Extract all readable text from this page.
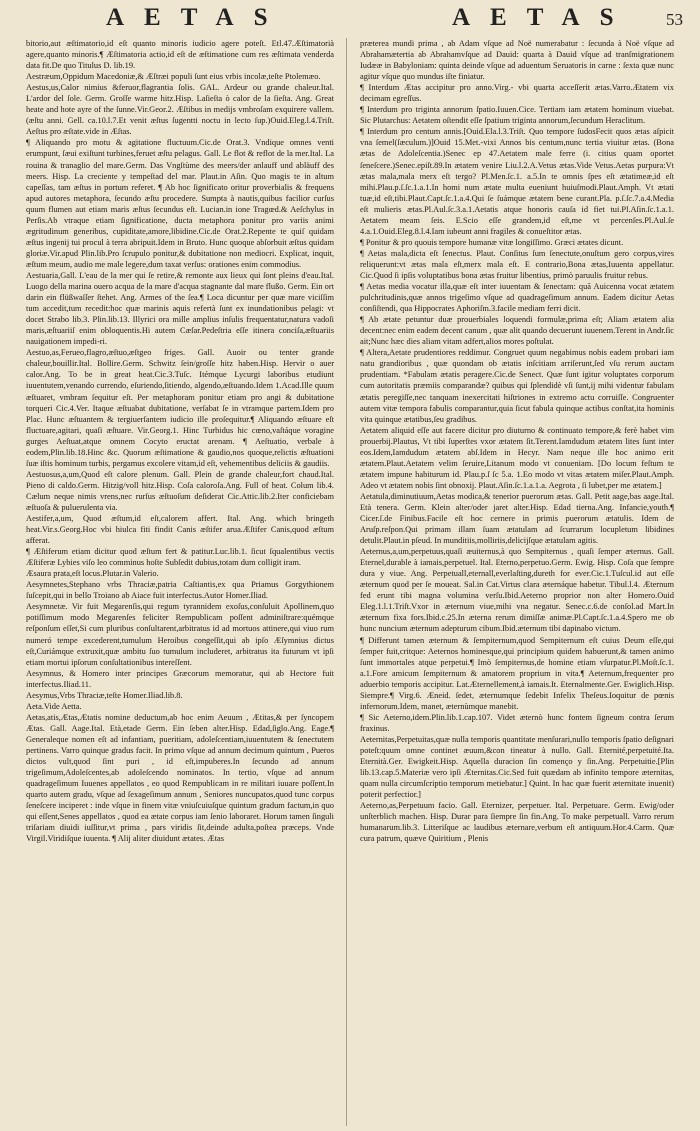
AETAS	AETAS 53

bitorio,aut æſtimatorio,id eſt quanto minoris iudicio agere poteſt. Etl.47.Æſtimatorià agere,quanto minoris.¶ Æſtimatoria actio,id eſt de æſtimatione cum res æſtimata venderda data fit.De quo Titulus D. lib.19.

Aestræum,Oppidum Macedoniæ,& Æſtræi populi ſunt eius vrbis incolæ,teſte Ptolemæo.

Aestus,us,Calor nimius &feruor,flagrantia ſolis. GAL. Ardeur ou grande chaleur.Ital. L'ardor del ſole. Germ. Groſſe warme hitz.Hisp. Laſieſta ò calor de la ſieſta. Ang. Great heate and hote ayre of the ſunne.Vir.Geor.2. Æſtibus in medijs vmbroſam exquirere vallem.(æſtu anni. Gell. ca.10.l.7.Et venit æſtus ſugentti noctu in lecto ſup.)Ouid.Eleg.l.4.Triſt. Aeſtus pro æſtate.vide in Æſtas.

¶ Aliquando pro motu & agitatione fluctuum.Cic.de Orat.3. Vndique omnes venti erumpunt, ſæui exiſtunt turbines,feruet æſtu pelagus. Gall. Le flot & reflot de la mer.Ital. La rouina & tranaglio del mare.Germ. Das Vngſtùme des meers/der anlauff und abläuff des meers. Hisp. La creciente y tempeſtad del mar. Plaut.in Aſin. Quo magis te in altum capeſſas, tam æſtus in portum referet. ¶ Ab hoc ſignificato oritur proverbialis & frequens apud autores metaphora, ſecundo æſtu procedere. Sumpta à nautis,quibus facilior curſus quum flumen aut etiam maris æſtus ſecundus eſt. Lucian.in ione Tragœd.& Aeſchylus in Perſis.Ab vtraque etiam ſignificatione, ducta metaphora ponitur pro variis animi ægritudinum generibus, cupiditate,amore,libidine.Cic.de Orat.2.Repente te quiſ quidam æſtus ingenij tui procul à terra abripuit.Idem in Bruto. Hunc quoque abſorbuit æſtus quidam gloriæ.Vir.apud Plin.lib.Pro ſcrupulo ponitur,& dubitatione non mediocri. Explicat, inquit, æſtum meum, audio me male legere,dum taxat verſus: orationes enim commodius.

Aestuaria,Gall. L'eau de la mer qui ſe retire,& remonte aux lieux qui ſont pleins d'eau.Ital. Luogo della marina ouero acqua de la mare d'acqua stagnante dal mare flußo. Germ. Ein ort darin ein flüßwaſſer ſtehet. Ang. Armes of the ſea.¶ Loca dicuntur per quæ mare viciſſim tum accedit,tum recedit:hoc quæ marinis aquis refertà ſunt ex inundationibus pelagi: vt docet Strabo lib.3. Plin.lib.13. Illyrici ora mille amplius inſulis frequentatur,natura vadoſi maris,æſtuariiſ enim obloquentis.Hi autem Cæſar.Pedeſtria eſſe itinera conciſa,æſtuariis nauigationem impedi-ri.

Aestuo,as,Ferueo,flagro,æſtuo,æſtgeo friges. Gall. Auoir ou tenter grande chaleur,bouillir.Ital. Bollire.Germ. Schwitz ſein/groſſe hitz haben.Hisp. Hervir o auer calor.Ang. To be in great heat.Cic.3.Tuſc. Itémque Lycurgi laboribus etudiunt iuuentutem,venando currendo, eſuriendo,ſitiendo, algendo,æſtuando.Idem 1.Acad.Ille quum æſtuaret, vmbram ſequitur eſt. Per metaphoram ponitur etiam pro angi & dubitatione torqueri Cic.4.Ver. Itaque æſtuabat dubitatione, verſabat ſe in vtramque partem.Idem pro Plac. Hunc æſtuantem & tergiuerſantem iudicio ille proſequitur.¶ Aliquando æſtuare eſt fluctuare,agitari, quaſi æſtuare. Vir.Georg.1. Hinc Turbidus hic cœno,vaſtáque voragine gurges Aeſtuat,atque omnem Cocyto eructat arenam. ¶ Aeſtuatio, verbale à eodem,Plin.lib.18.Hinc &c. Quorum æſtimatione & gaudio,nos quoque,relictis æſtuationi ſuæ iſtis hominum turbis, pergamus excolere vitam,id eſt, vehementibus deliciis & gaudiis.

Aestuosus,a,um,Quod eſt calore plenum. Gall. Plein de grande chaleur,fort chaud.Ital. Pieno di caldo.Germ. Hitzig/voll hitz.Hisp. Coſa caloroſa.Ang. Full of heat. Colum lib.4. Cælum neque nimis vrens,nec rurſus æſtuoſum deſiderat Cic.Attic.lib.2.Iter conficiebam æſtuoſa & puluerulenta via.

Aestifer,a,um, Quod æſtum,id eſt,calorem affert. Ital. Ang. which bringeth heat.Vir.s.Georg.Hoc vbi hiulca fiti findit Canis æſtifer arua.Æſtifer Canis,quod æſtum afferat.

¶ Æſtiferum etiam dicitur quod æſtum fert & patitur.Luc.lib.1. ſicut ſqualentibus vectis Æſtiferæ Lybies viſo leo comminus hoſte Subſedit dubius,totam dum colligit iram.

Æsaura prata,eſt locus.Plutar.in Valerio.

Aesymnetes,Stephano vrbs Thraciæ,patria Caſtiantis,ex qua Priamus Gorgythionem ſuſcepit,qui in bello Troiano ab Aiace fuit interfectus.Autor Homer.Iliad.

Aesymnetæ. Vir fuit Megarenſis,qui regum tyrannidem exoſus,conſuluit Apollinem,quo potiſſimum modo Megarenſes feliciter Rempublicam poſſent adminiſtrare:quémque reſponſum eſſet,Si cum pluribus conſultarent,arbitratus id ad mortuos attinere,qui viuo rum numeró tempe excederent,tumulum Heroibus congeſſit,qui ab ipſo Æſymnius dictus eſt,Curiámque extruxit,quæ ambitu ſuo tumulum includeret, arbitratus ita futurum vt ipſi etiam mortui ipſorum conſultationibus intereſſent.

Aesymnus, & Homero inter principes Græcorum memoratur, qui ab Hectore fuit interfectus.Iliad.11.

Aesymus,Vrbs Thraciæ,teſte Homer.Iliad.lib.8.

Aeta.Vide Aetta.

Aetas,atis,Ætas,Ætatis nomine deductum,ab hoc enim Aeuum , Ætitas,& per ſyncopem Ætas. Gall. Aage.Ital. Età,etade Germ. Ein ſeben alter.Hisp. Edad,ſiglo.Ang. Eage.¶ Generaleque nomen eſt ad infantiam, pueritiam, adoleſcentiam,iuuentutem & ſenectutem pertinens. Varro quinque gradus facit. In primo vſque ad annum decimum quintum , Pueros dictos vult,quod ſint puri , id eſt,impuberes.In ſecundo ad annum trigeſimum,Adoleſcentes,ab adoleſcendo nominatos. In tertio, vſque ad annum quadrageſimum Iuuenes appellatos , eo quod Rempublicam in re militari iuuare poſſent.In quarto autem gradu, vſque ad ſexageſimum annum , Seniores nuncupatos,quod tunc corpus ſeneſcere inciperet : inde vſque in finem vitæ vniuſcuiuſque quintum gradum factum,in quo qui eſſent,Senes appellatos , quod ea ætate corpus iam ſenio laboraret. Horum tamen ſinguli triſariam diuidi iuſſitur,vt prima , pars viridis ſit,deinde adulta,poſtea præceps. Vnde Virgil.Viridiſque iuuenta. ¶ Alij aliter diuidunt ætates. Ætas

præterea mundi prima , ab Adam vſque ad Noë numerabatur : ſecunda à Noë vſque ad Abrahamætertia ab Abrahamvſque ad Dauid: quarta à Dauid vſque ad tranſmigrationem Iudææ in Babyloniam: quinta deinde vſque ad aduentum Seruatoris in carne : ſexta quæ nunc agitur vſque quo mundus iſte finiatur.

¶ Interdum Ætas accipitur pro anno.Virg.- vbi quarta acceſſerit ætas.Varro.Ætatem vix decimam egreſſus.

¶ Interdum pro triginta annorum ſpatio.Iuuen.Cice. Tertiam iam ætatem hominum viuebat. Sic Plutarchus: Aetatem oſtendit eſſe ſpatium triginta annorum,ſecundum Heraclitum.

¶ Interdum pro centum annis.[Ouid.Ela.l.3.Triſt. Quo tempore ſudosFecit quos ætas aſpicit vna ſemel(ſæculum.)]Ouid 15.Met.-vixi Annos bis centum,nunc tertia viuitur ætas. (Bona ætas de Adoleſcentia.)Senec ep 47.Aetatem male ferre (i. citius quam oportet ſeneſcere.)Senec.epiſt.89.In ætatem venire Liu.l.2.A.Vetus ætas.Vide Vetus.Aetas purpura:Vt ætas mala,mala merx eſt tergo? Pl.Men.ſc.1. a.5.In te omnis ſpes eſt ætatimeæ,id eſt mihi.Plau.p.ſ.ſc.1.a.1.In homi num ætate multa eueniunt huiuſmodi.Plaut.Amph. Vt ætati tuæ,id eſt,tibi.Plaut.Capt.ſc.1.a.4.Qui ſe ſuámque ætatem bene curant.Pla. p.ſ.ſc.7.a.4.Media eſt mulieris ætas.Pl.Aul.ſc.3.a.1.Aetatis atque honoris cauſa id fiet tui.Pl.Aſin.ſc.1.a.1. Aetatem meam ſeis. E.Scio eſſe grandem,id eſt,me vt percenſes.Pl.Aul.ſe 4.a.1.Ouid.Eleg.8.l.4.Iam iubeunt anni fragiles & conueſtitor ætas.

¶ Ponitur & pro quouis tempore humanæ vitæ longiſſimo. Græci ætates dicunt.

¶ Aetas mala,dicta eſt ſenectus. Plaut. Conſitus ſum ſenectute,onuſtum gero corpus,vires reliquerunt:vt ætas mala eſt,merx mala eſt. E contrario,Bona ætas,Iuuenta appellatur. Cic.Quod ſi ipſis voluptatibus bona ætas fruitur libentius, primò paruulis fruitur rebus.

¶ Aetas media vocatur illa,quæ eſt inter iuuentam & ſenectam: quā Auicenna vocat ætatem pulchritudinis,quæ annos trigeſimo vſque ad quadrageſimum annum. Eadem dicitur Aetas conſiſtendi, qua Hippocrates Aphoriſm.3.facile mediam ferri dicit.

¶ Ab ætate petuntur duæ prouerbiales loquendi formulæ,prima eſt; Aliam ætatem alia decent:nec enim eadem decent canum , quæ alit quando decuerunt iuuenem.Terent in Andr.ſic ait;Nunc hæc dies aliam vitam adfert,alios mores poſtulat.

¶ Altera,Aetate prudentiores reddimur. Congruet quum negabimus nobis eadem probari iam natu grandioribus , quæ quondam ob ætatis inſcitiam arriſerunt,ſed vſu rerum auctam prudentiam. *Fabulam ætatis peragere.Cic.de Senect. Quæ ſunt igitur voluptates corporum cum autoritatis præmiis comparandæ? quibus qui ſplendidè vſi ſunt,ij mihi videntur fabulam ætatis peregiſſe,nec tanquam inexercitati hiſtriones in extremo actu corruiſſe. Congruenter autem vitæ tempora fabulis comparantur,quia ſicut fabula quinque actibus conſtat,ita hominis vita quinque ætatibus,ſeu gradibus.

Aetatem aliquid eſſe aut facere dicitur pro diuturno & continuato tempore,& ferè habet vim prouerbij.Plautus, Vt tibi ſuperſtes vxor ætatem ſit.Terent.Iamdudum ætatem lites ſunt inter eos.Idem,Iamdudum ætatem abſ.Idem in Hecyr. Nam neque ille hoc animo erit ætatem.Plaut.Aetatem velim ſeruire,Litanum modo vt conueniam. [Do locum feſtum te ætatem impune habiturum id. Plau.p.ſ ſc 5.a. 1.Eo modo vt vitas ætatem miſer.Plaut.Amph. Adeo vt ætatem nobis ſint obnoxij. Plaut.Aſin.ſc.1.a.1.a. Aegrota , ſi lubet,per me ætatem.]

Aetatula,diminutiuum,Aetas modica,& tenerior puerorum ætas. Gall. Petit aage,bas aage.Ital. Età tenera. Germ. Klein alter/oder jaret alter.Hisp. Edad tierna.Ang. Infancie,youth.¶ Cicer.ſ.de Finibus.Facile eſt hoc cernere in primis puerorum ætatulis. Idem de Aruſp.reſpon.Qui primam illam ſuam ætatulam ad ſcurrarum locupletum libidines detulit.Plaut.in pſeud. In munditiis,molliriis,delicijſque ætatulam agitis.

Aeternus,a,um,perpetuus,quaſi æuiternus,à quo Sempiternus , quaſi ſemper æternus. Gall. Eternel,durable à iamais,perpetuel. Ital. Eterno,perpetuo.Germ. Ewig. Hisp. Coſa que ſempre dura y viue. Ang. Perpetuall,eternall,everlaſting,dureth for ever.Cic.1.Tuſcul.id aut eſſe æternum quod per ſe moueat. Sal.in Cat.Virtus clara æternáque habetur. Tibul.l.4. Æternum fed erunt tibi magna volumina verſu.Ibid.Aeterno proprior non alter Homero.Ouid Eleg.1.l.1.Triſt.Vxor in æternum viue,mihi vna negatur. Senec.c.6.de conſol.ad Mart.In æternum fixa fors.Ibid.c.25.In æterna rerum dimiſſæ animæ.Pl.Capt.ſc.1.a.4.Spero me ob hunc nuncium æternum adepturum cibum.Ibid.æternum tibi dapinabo victum.

¶ Differunt tamen æternum & ſempiternum,quod Sempiternum eſt cuius Deum eſſe,qui ſemper fuit,critque: Aeternos hominesque,qui principium quidem habuerunt,& tamen animo ſunt immortales atque perpetui.¶ Imò ſempiternus,de homine etiam vſurpatur.Pl.Moſt.ſc.1. a.1.Fore amicum ſempiternum & amatorem proprium in vita.¶ Aeternum,frequenter pro aduerbio temporis accipitur. Lat.Æternellement,à iamais.It. Eternalmente.Ger. Ewiglich.Hisp. Siempre.¶ Virg.6. Æneid. ſedet, æternumque ſedebit Infelix Theſeus.Ioquitur de pœnis infernorum.Idem, manet, æternùmque manebit.

¶ Sic Aeterno,idem.Plin.lib.1.cap.107. Videt æternò hunc fontem ſigneum contra ſerum fraxinus.

Aeternitas,Perpetuitas,quæ nulla temporis quantitate menſurari,nullo temporis ſpatio deſignari poteſt:quum omne continet æuum,&con tineatur à nullo. Gall. Eternité,perpetuité.Ita. Eternità.Ger. Ewigkeit.Hisp. Aquella duracion ſin començo y ſin.Ang. Perpetuitie.[Plin lib.13.cap.5.Materiæ vero ipſi Æternitas.Cic.Sed fuit quædam ab infinito tempore æternitas, quam nulla circumſcriptio temporum metiebatur.] Quint. In hac quæ fuerit æternitate inuenit) poterit perfectior.]

Aeterno,as,Perpetuum facio. Gall. Eternizer, perpetuer. Ital. Perpetuare. Germ. Ewig/oder unſterblich machen. Hisp. Durar para ſiempre ſin fin.Ang. To make perpetuall. Varro rerum humanarum.lib.3. Litteriſque ac laudibus æternare,verbum eſt antiquum.Hor.4.Carm. Quæ cura patrum, quæve Quiritium , Plenis
